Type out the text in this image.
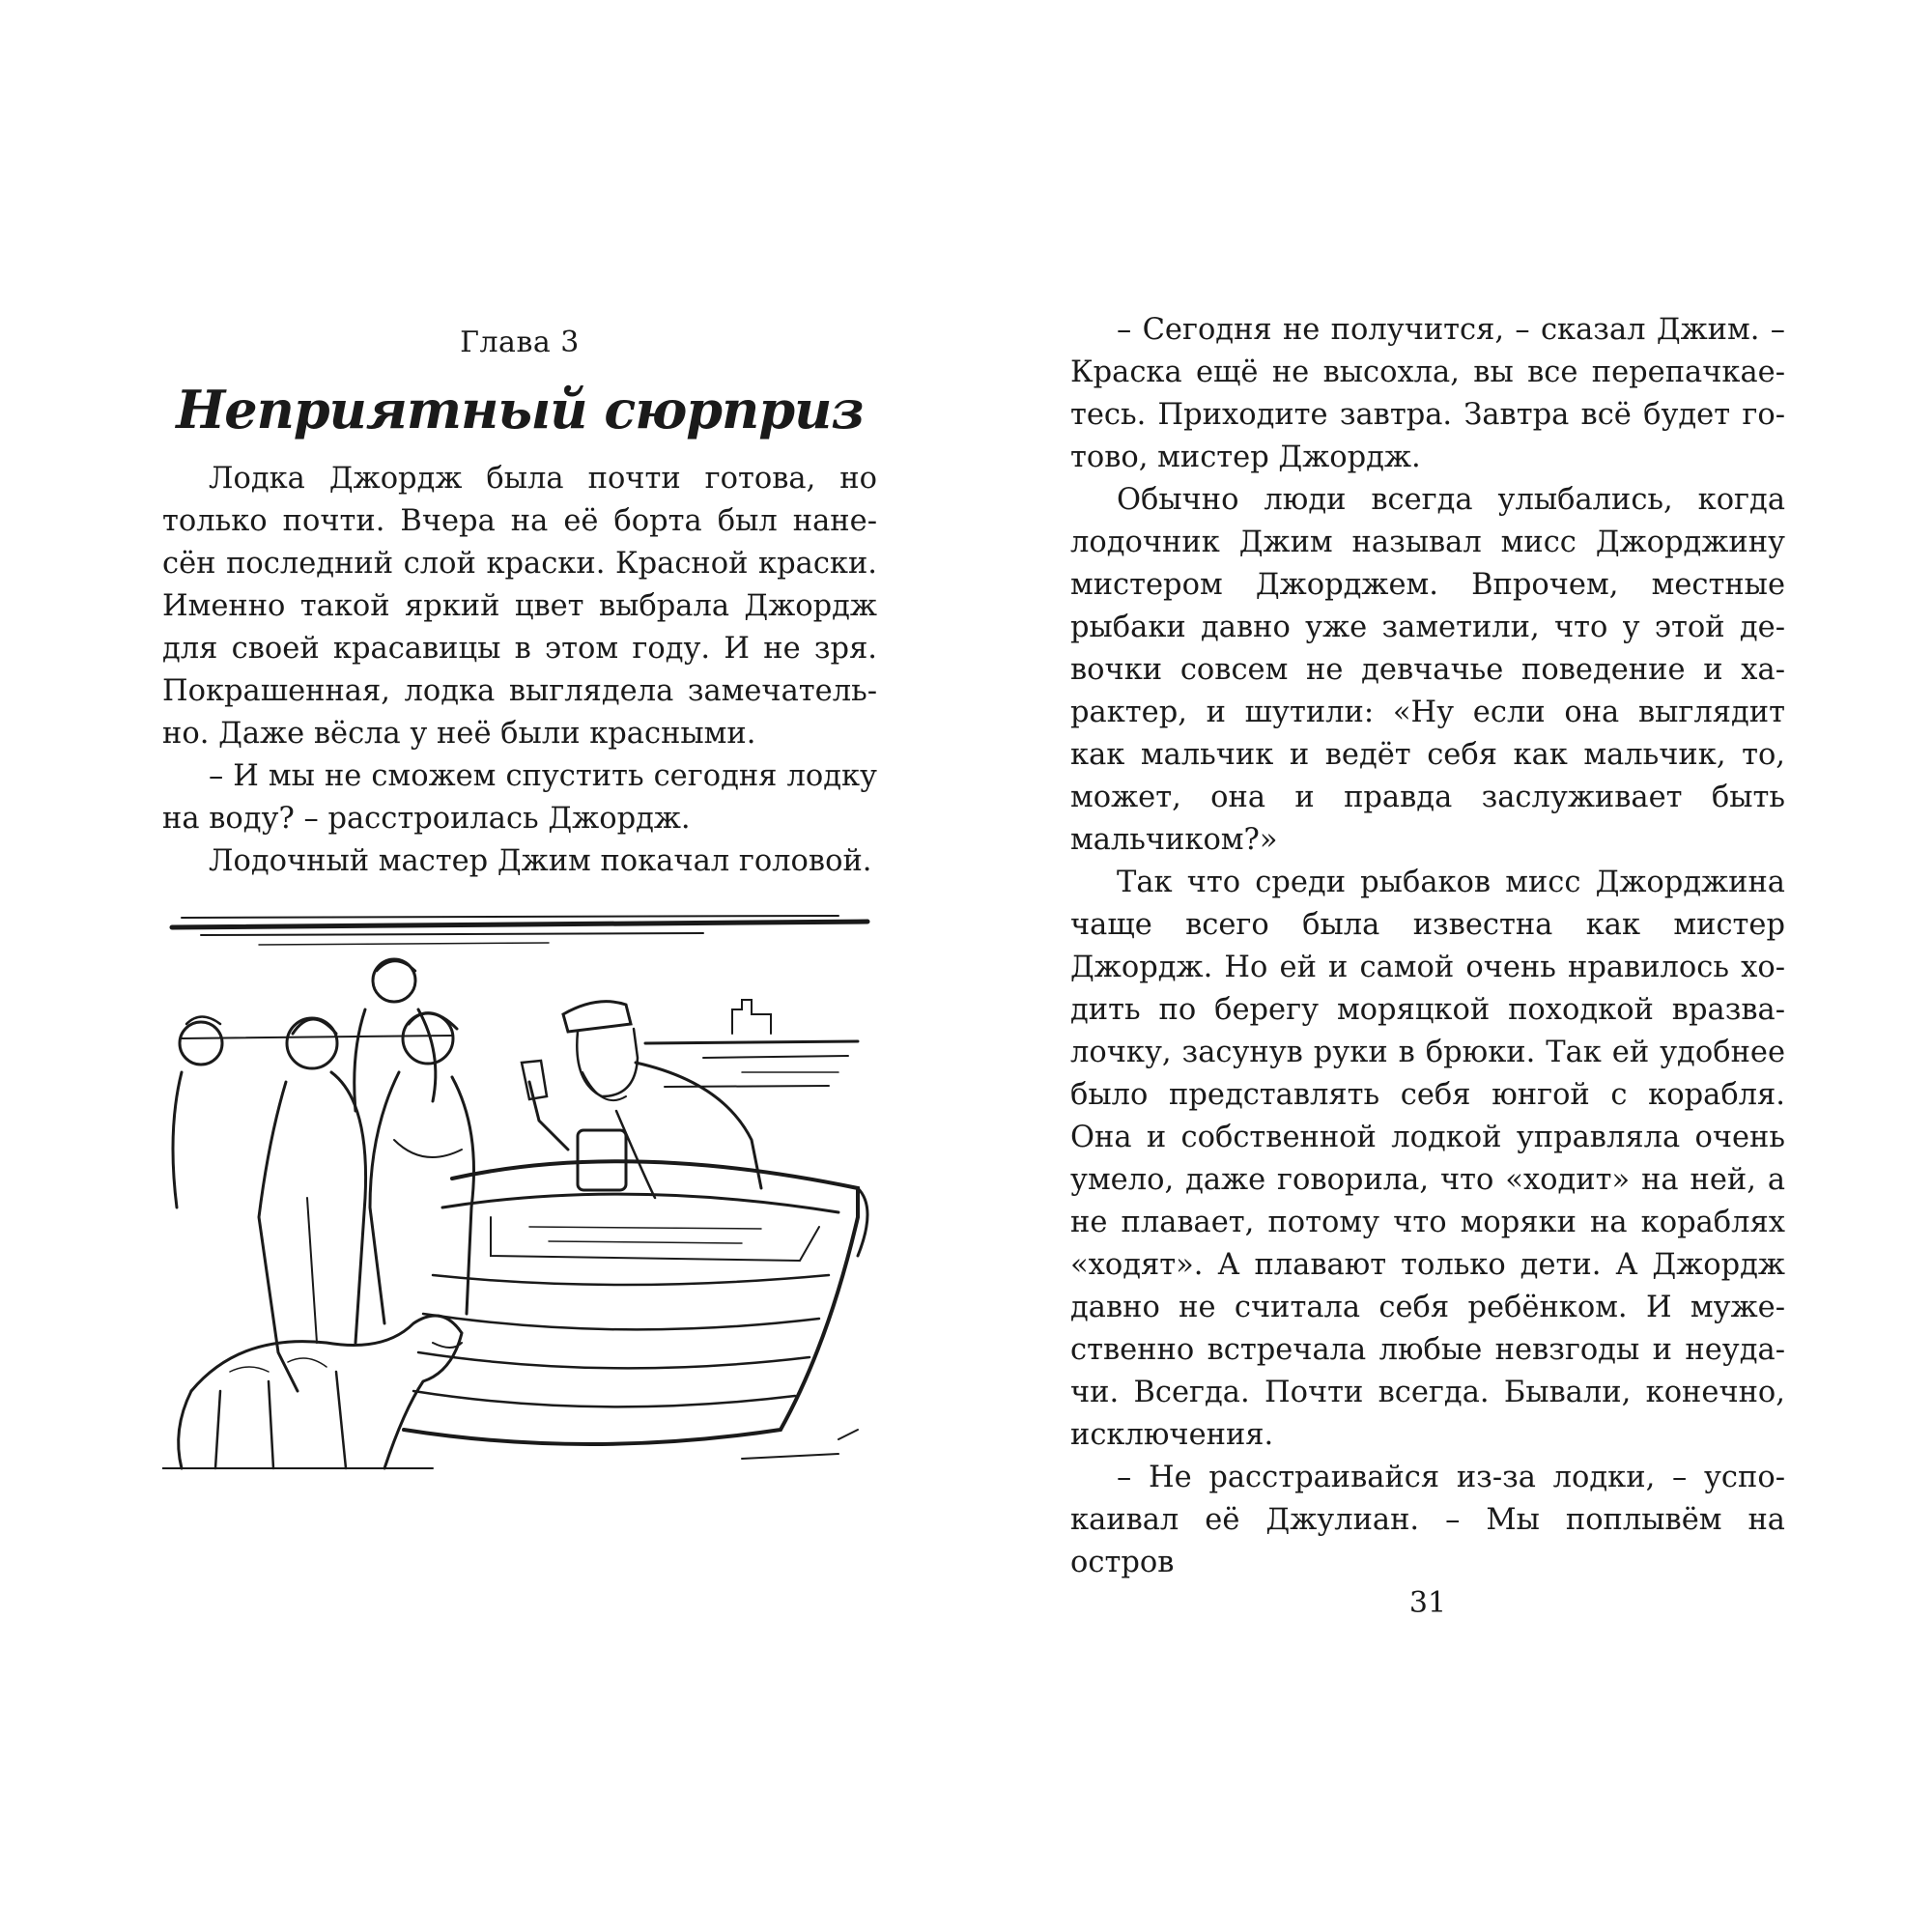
Глава 3
Неприятный сюрприз

Лодка Джордж была почти готова, но только почти. Вчера на её борта был нанесён последний слой краски. Красной краски. Именно такой яркий цвет выбрала Джордж для своей красавицы в этом году. И не зря. Покрашенная, лодка выглядела замечательно. Даже вёсла у неё были красными.

– И мы не сможем спустить сегодня лодку на воду? – расстроилась Джордж.

Лодочный мастер Джим покачал головой.

– Сегодня не получится, – сказал Джим. – Краска ещё не высохла, вы все перепачкаетесь. Приходите завтра. Завтра всё будет готово, мистер Джордж.

Обычно люди всегда улыбались, когда лодочник Джим называл мисс Джорджину мистером Джорджем. Впрочем, местные рыбаки давно уже заметили, что у этой девочки совсем не девчачье поведение и характер, и шутили: «Ну если она выглядит как мальчик и ведёт себя как мальчик, то, может, она и правда заслуживает быть мальчиком?»

Так что среди рыбаков мисс Джорджина чаще всего была известна как мистер Джордж. Но ей и самой очень нравилось ходить по берегу моряцкой походкой вразвалочку, засунув руки в брюки. Так ей удобнее было представлять себя юнгой с корабля. Она и собственной лодкой управляла очень умело, даже говорила, что «ходит» на ней, а не плавает, потому что моряки на кораблях «ходят». А плавают только дети. А Джордж давно не считала себя ребёнком. И мужественно встречала любые невзгоды и неудачи. Всегда. Почти всегда. Бывали, конечно, исключения.

– Не расстраивайся из-за лодки, – успокаивал её Джулиан. – Мы поплывём на остров

31
